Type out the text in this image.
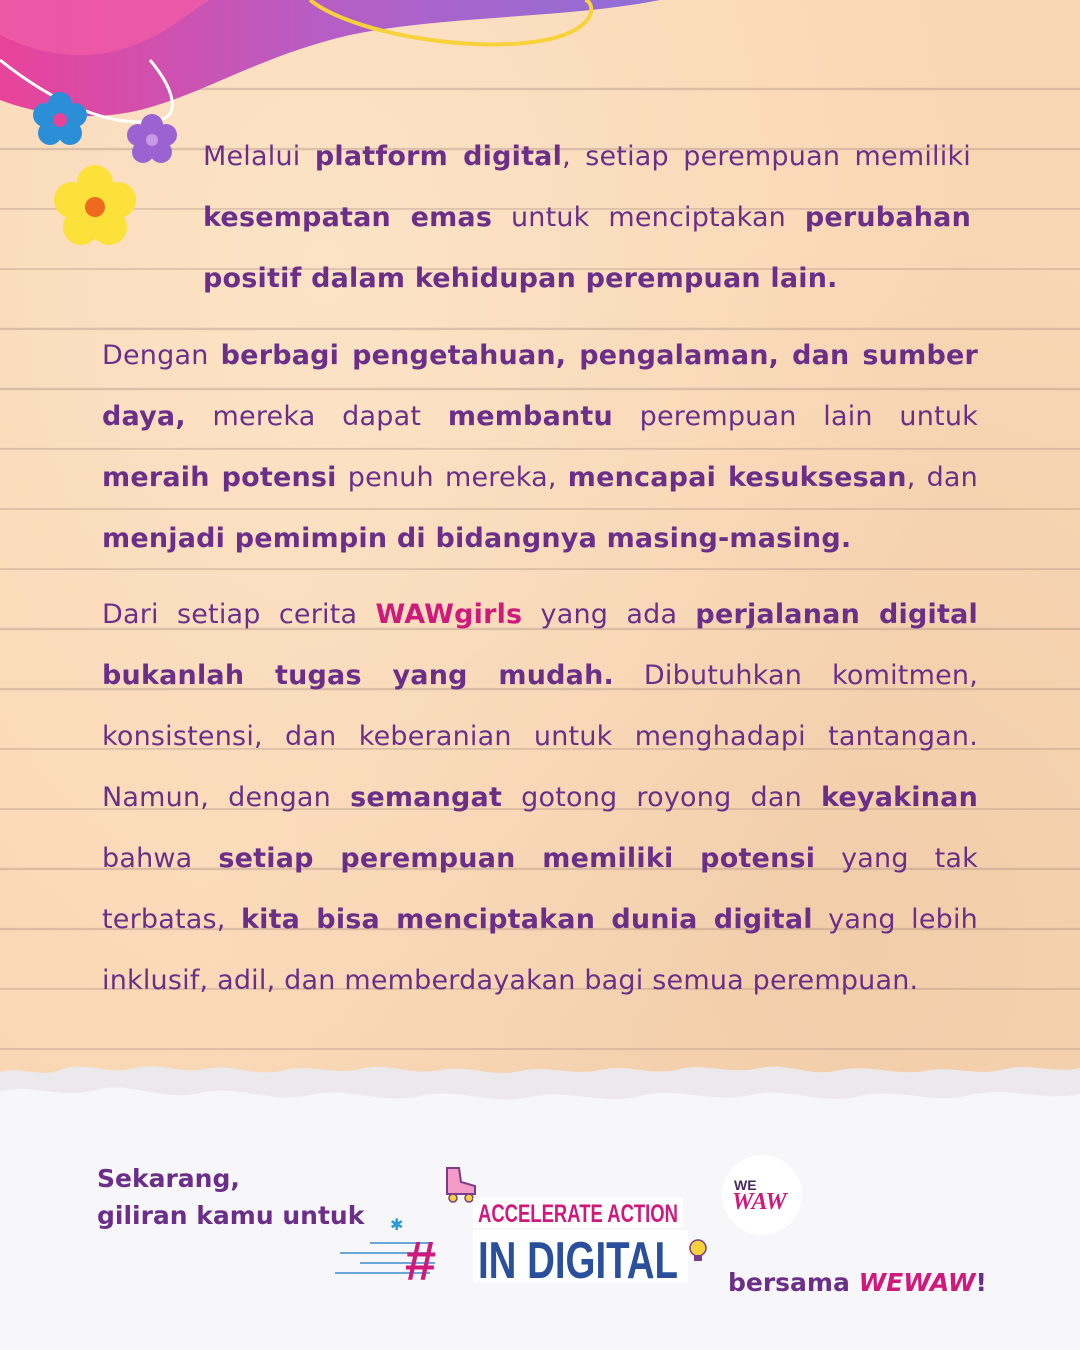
Melalui platform digital, setiap perempuan memiliki kesempatan emas untuk menciptakan perubahan positif dalam kehidupan perempuan lain.
Dengan berbagi pengetahuan, pengalaman, dan sumber daya, mereka dapat membantu perempuan lain untuk meraih potensi penuh mereka, mencapai kesuksesan, dan menjadi pemimpin di bidangnya masing-masing.
Dari setiap cerita WAWgirls yang ada perjalanan digital bukanlah tugas yang mudah. Dibutuhkan komitmen, konsistensi, dan keberanian untuk menghadapi tantangan. Namun, dengan semangat gotong royong dan keyakinan bahwa setiap perempuan memiliki potensi yang tak terbatas, kita bisa menciptakan dunia digital yang lebih inklusif, adil, dan memberdayakan bagi semua perempuan.
Sekarang,
giliran kamu untuk ✱
#
ACCELERATE ACTION
IN DIGITAL
WE
WAW
bersama WEWAW!
